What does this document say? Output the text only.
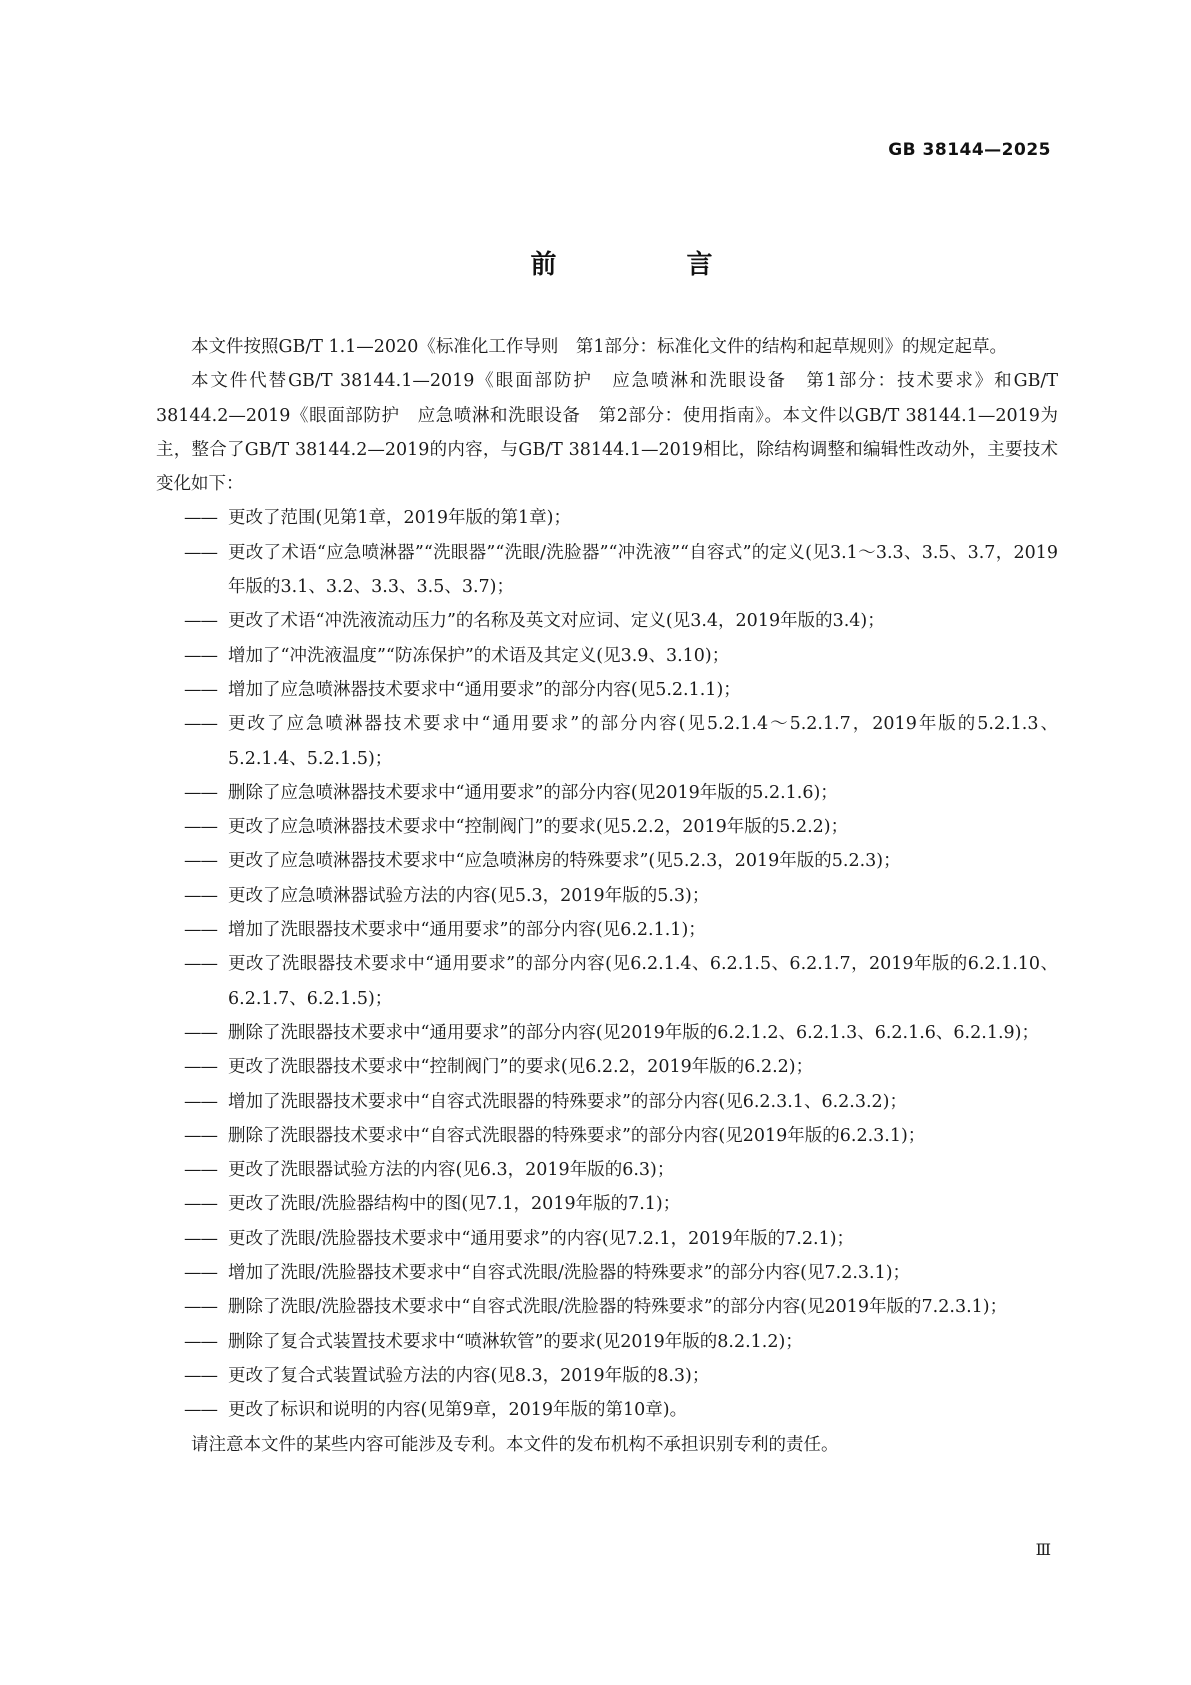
GB 38144—2025
前　言

本文件按照GB/T 1.1—2020《标准化工作导则　第1部分：标准化文件的结构和起草规则》的规定起草。

本文件代替GB/T 38144.1—2019《眼面部防护　应急喷淋和洗眼设备　第1部分：技术要求》和GB/T 38144.2—2019《眼面部防护　应急喷淋和洗眼设备　第2部分：使用指南》。本文件以GB/T 38144.1—2019为主，整合了GB/T 38144.2—2019的内容，与GB/T 38144.1—2019相比，除结构调整和编辑性改动外，主要技术变化如下：

—— 更改了范围(见第1章，2019年版的第1章)；
—— 更改了术语“应急喷淋器”“洗眼器”“洗眼/洗脸器”“冲洗液”“自容式”的定义(见3.1～3.3、3.5、3.7，2019年版的3.1、3.2、3.3、3.5、3.7)；
—— 更改了术语“冲洗液流动压力”的名称及英文对应词、定义(见3.4，2019年版的3.4)；
—— 增加了“冲洗液温度”“防冻保护”的术语及其定义(见3.9、3.10)；
—— 增加了应急喷淋器技术要求中“通用要求”的部分内容(见5.2.1.1)；
—— 更改了应急喷淋器技术要求中“通用要求”的部分内容(见5.2.1.4～5.2.1.7，2019年版的5.2.1.3、5.2.1.4、5.2.1.5)；
—— 删除了应急喷淋器技术要求中“通用要求”的部分内容(见2019年版的5.2.1.6)；
—— 更改了应急喷淋器技术要求中“控制阀门”的要求(见5.2.2，2019年版的5.2.2)；
—— 更改了应急喷淋器技术要求中“应急喷淋房的特殊要求”(见5.2.3，2019年版的5.2.3)；
—— 更改了应急喷淋器试验方法的内容(见5.3，2019年版的5.3)；
—— 增加了洗眼器技术要求中“通用要求”的部分内容(见6.2.1.1)；
—— 更改了洗眼器技术要求中“通用要求”的部分内容(见6.2.1.4、6.2.1.5、6.2.1.7，2019年版的6.2.1.10、6.2.1.7、6.2.1.5)；
—— 删除了洗眼器技术要求中“通用要求”的部分内容(见2019年版的6.2.1.2、6.2.1.3、6.2.1.6、6.2.1.9)；
—— 更改了洗眼器技术要求中“控制阀门”的要求(见6.2.2，2019年版的6.2.2)；
—— 增加了洗眼器技术要求中“自容式洗眼器的特殊要求”的部分内容(见6.2.3.1、6.2.3.2)；
—— 删除了洗眼器技术要求中“自容式洗眼器的特殊要求”的部分内容(见2019年版的6.2.3.1)；
—— 更改了洗眼器试验方法的内容(见6.3，2019年版的6.3)；
—— 更改了洗眼/洗脸器结构中的图(见7.1，2019年版的7.1)；
—— 更改了洗眼/洗脸器技术要求中“通用要求”的内容(见7.2.1，2019年版的7.2.1)；
—— 增加了洗眼/洗脸器技术要求中“自容式洗眼/洗脸器的特殊要求”的部分内容(见7.2.3.1)；
—— 删除了洗眼/洗脸器技术要求中“自容式洗眼/洗脸器的特殊要求”的部分内容(见2019年版的7.2.3.1)；
—— 删除了复合式装置技术要求中“喷淋软管”的要求(见2019年版的8.2.1.2)；
—— 更改了复合式装置试验方法的内容(见8.3，2019年版的8.3)；
—— 更改了标识和说明的内容(见第9章，2019年版的第10章)。

请注意本文件的某些内容可能涉及专利。本文件的发布机构不承担识别专利的责任。

Ⅲ
